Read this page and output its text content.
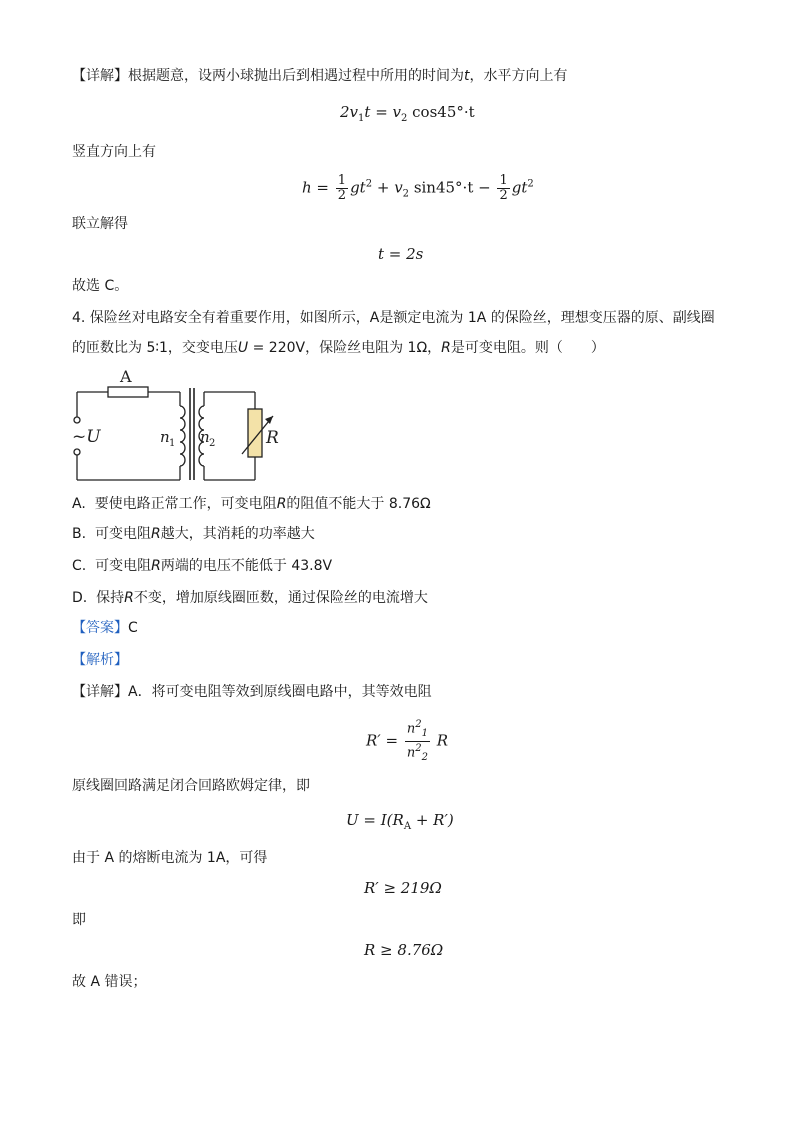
【详解】根据题意，设两小球抛出后到相遇过程中所用的时间为t，水平方向上有
$2v_1t = v_2$ cos45°·t
竖直方向上有
$h = \frac{1}{2} gt^2 + v_2$ $\sin 45^\circ\cdot t - \frac{1}{2} gt^2$
联立解得
t = 2s
故选 C。
4. 保险丝对电路安全有着重要作用，如图所示，A是额定电流为 1A 的保险丝，理想变压器的原、副线圈
的匝数比为 5∶1，交变电压U = 220V，保险丝电阻为 1Ω，R是可变电阻。则（　　）
A
~U	n 1 n 2	R
A. 要使电路正常工作，可变电阻R的阻值不能大于 8.76Ω
B. 可变电阻R越大，其消耗的功率越大
C. 可变电阻R两端的电压不能低于 43.8V
D. 保持R不变，增加原线圈匝数，通过保险丝的电流增大
【答案】C
【解析】
【详解】A．将可变电阻等效到原线圈电路中，其等效电阻
$R' = \frac{n^2_1}{n^2_2}$ R
原线圈回路满足闭合回路欧姆定律，即
$U = I(R_A + R')$
由于 A 的熔断电流为 1A，可得
R′ ≥ 219Ω
即
R ≥ 8.76Ω
故 A 错误；
